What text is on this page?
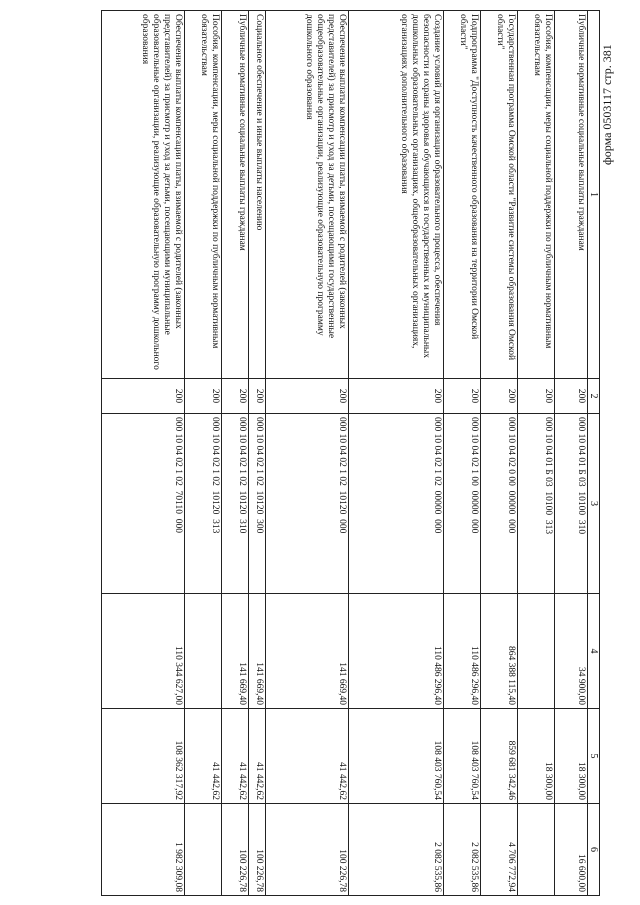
форма 0503117 стр. 381
1	2	3	4	5	6
Публичные нормативные социальные выплаты гражданам	200	000 10 04 01 Б 03  10100  310	34 900,00	18 300,00	16 600,00
Пособия, компенсации, меры социальной поддержки по публичным нормативным обязательствам	200	000 10 04 01 Б 03  10100  313		18 300,00	
Государственная программа Омской области "Развитие системы образования Омской области"	200	000 10 04 02 0 00  00000  000	864 388 115,40	859 681 342,46	4 706 772,94
Подпрограмма "Доступность качественного образования на территории Омской области"	200	000 10 04 02 1 00  00000  000	110 486 296,40	108 403 760,54	2 082 535,86
Создание условий для организации образовательного процесса, обеспечения безопасности и охраны здоровья обучающихся в государственных и муниципальных дошкольных образовательных организациях, общеобразовательных организациях, организациях дополнительного образования	200	000 10 04 02 1 02  00000  000	110 486 296,40	108 403 760,54	2 082 535,86
Обеспечение выплаты компенсации платы, взимаемой с родителей (законных представителей) за присмотр и уход за детьми, посещающими государственные общеобразовательные организации, реализующие образовательную программу дошкольного образования	200	000 10 04 02 1 02  10120  000	141 669,40	41 442,62	100 226,78
Социальное обеспечение и иные выплаты населению	200	000 10 04 02 1 02  10120  300	141 669,40	41 442,62	100 226,78
Публичные нормативные социальные выплаты гражданам	200	000 10 04 02 1 02  10120  310	141 669,40	41 442,62	100 226,78
Пособия, компенсации, меры социальной поддержки по публичным нормативным обязательствам	200	000 10 04 02 1 02  10120  313		41 442,62	
Обеспечение выплаты компенсации платы, взимаемой с родителей (законных представителей) за присмотр и уход за детьми, посещающими муниципальные образовательные организации, реализующие образовательную программу дошкольного образования	200	000 10 04 02 1 02  70110  000	110 344 627,00	108 362 317,92	1 982 309,08
